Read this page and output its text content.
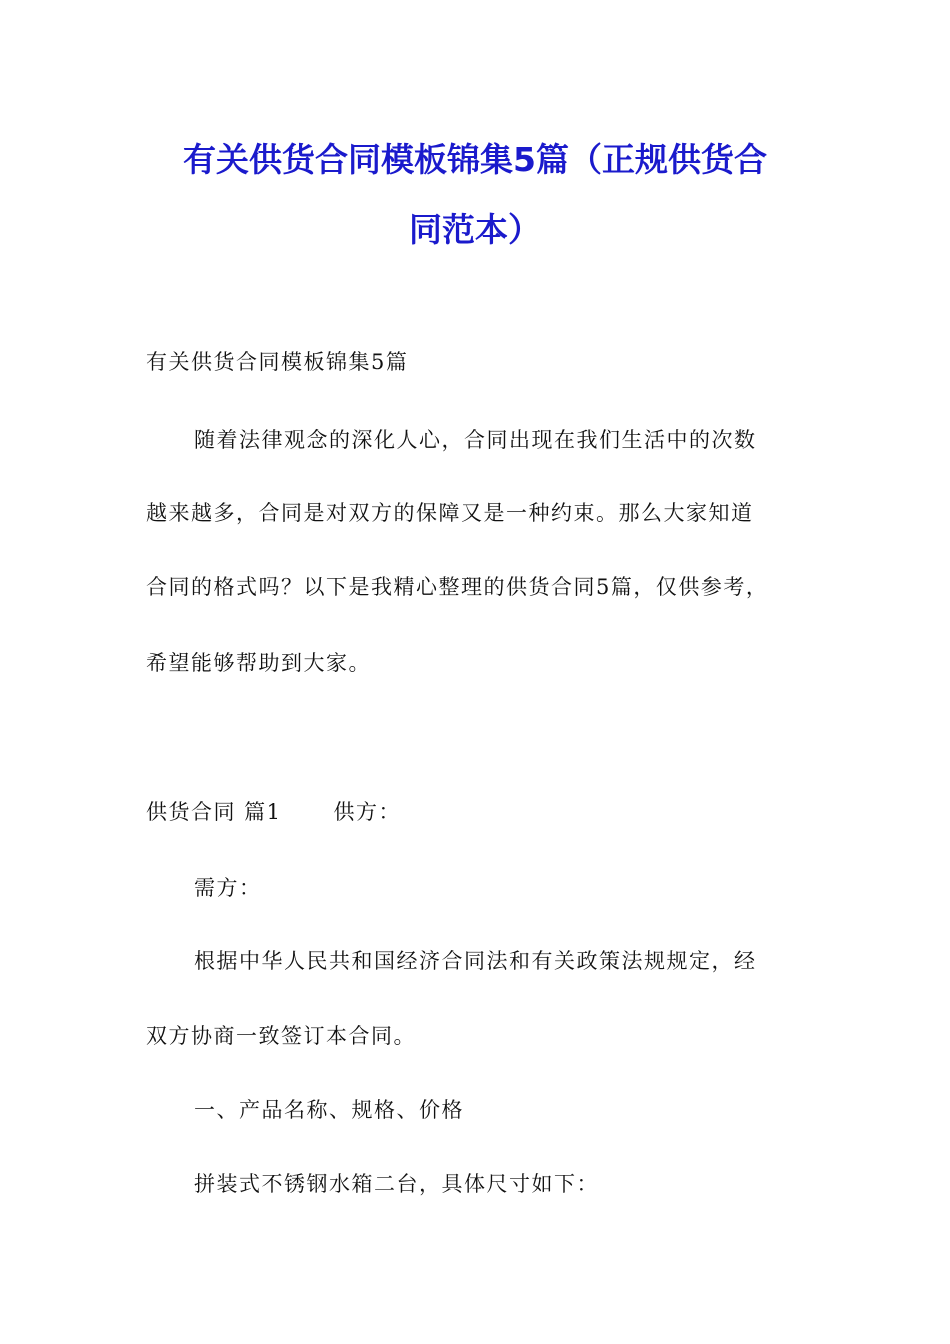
有关供货合同模板锦集5篇（正规供货合
同范本）
有关供货合同模板锦集5篇
随着法律观念的深化人心，合同出现在我们生活中的次数
越来越多，合同是对双方的保障又是一种约束。那么大家知道
合同的格式吗？以下是我精心整理的供货合同5篇，仅供参考，
希望能够帮助到大家。
供货合同 篇1 供方：
需方：
根据中华人民共和国经济合同法和有关政策法规规定，经
双方协商一致签订本合同。
一、产品名称、规格、价格
拼装式不锈钢水箱二台，具体尺寸如下：
